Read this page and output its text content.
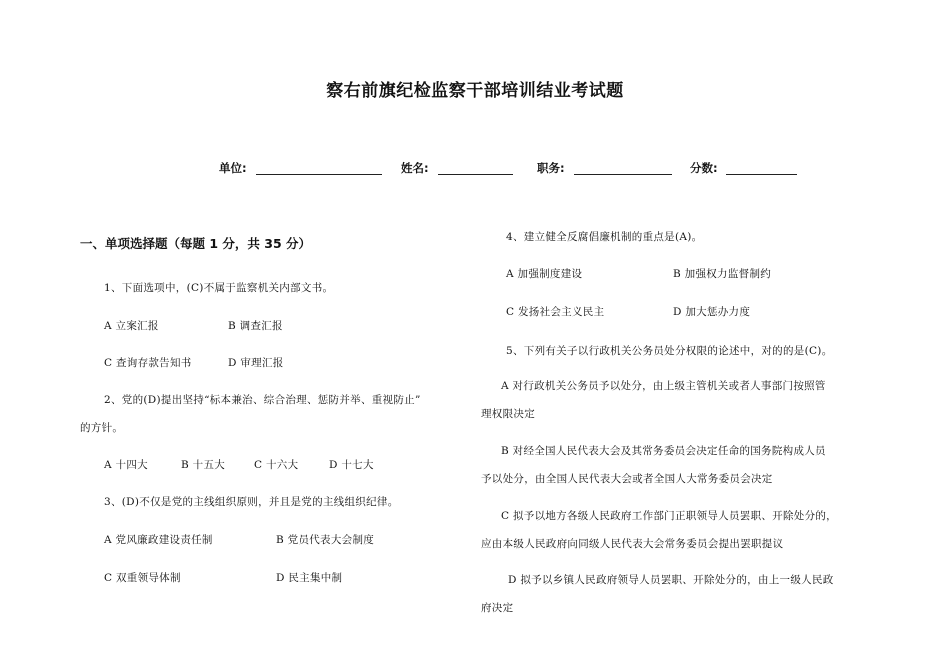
察右前旗纪检监察干部培训结业考试题
单位:	姓名:	职务:	分数:
一、单项选择题（每题 1 分，共 35 分）
1、下面选项中，(C)不属于监察机关内部文书。
A 立案汇报	B 调查汇报
C 查询存款告知书	D 审理汇报
2、党的(D)提出坚持“标本兼治、综合治理、惩防并举、重视防止”
的方针。
A 十四大	B 十五大	C 十六大	D 十七大
3、(D)不仅是党的主线组织原则，并且是党的主线组织纪律。
A 党风廉政建设责任制	B 党员代表大会制度
C 双重领导体制	D 民主集中制
4、建立健全反腐倡廉机制的重点是(A)。
A 加强制度建设	B 加强权力监督制约
C 发扬社会主义民主	D 加大惩办力度
5、下列有关子以行政机关公务员处分权限的论述中，对的的是(C)。
A 对行政机关公务员予以处分，由上级主管机关或者人事部门按照管
理权限决定
B 对经全国人民代表大会及其常务委员会决定任命的国务院构成人员
予以处分，由全国人民代表大会或者全国人大常务委员会决定
C 拟予以地方各级人民政府工作部门正职领导人员罢职、开除处分的，
应由本级人民政府向同级人民代表大会常务委员会提出罢职提议
D 拟予以乡镇人民政府领导人员罢职、开除处分的，由上一级人民政
府决定
